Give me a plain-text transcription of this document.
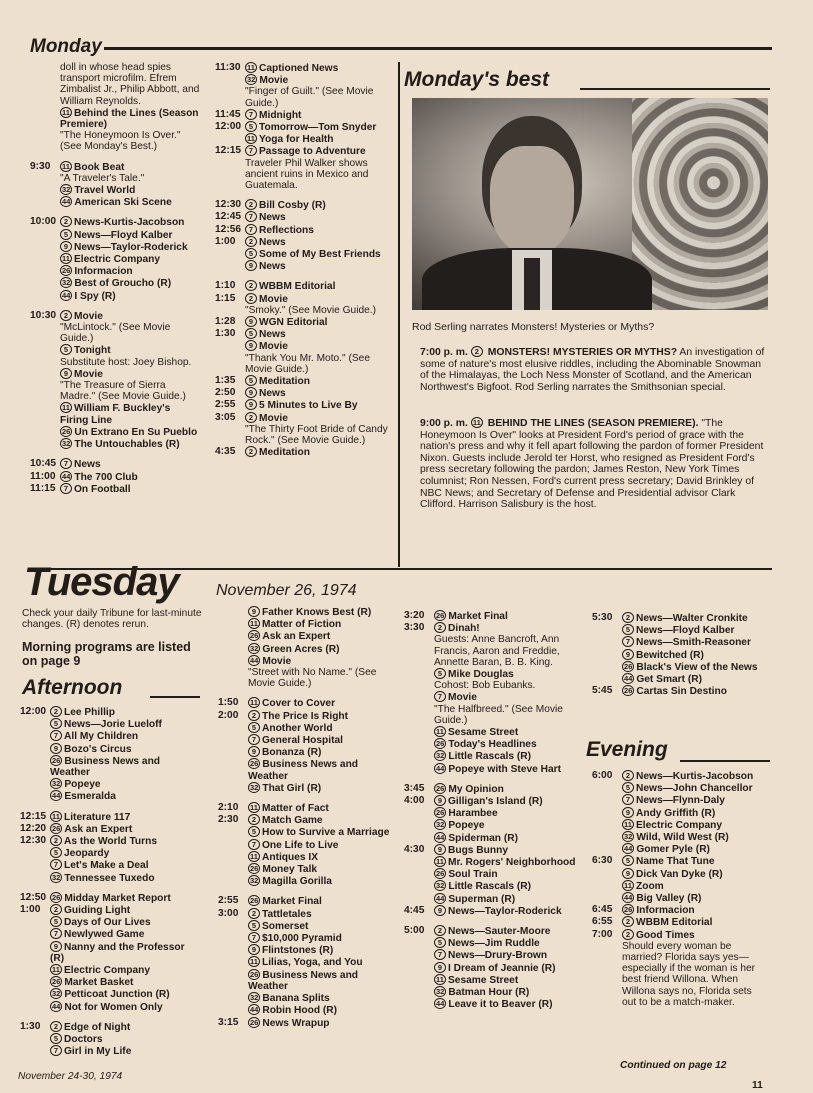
Monday
doll in whose head spies transport microfilm. Efrem Zimbalist Jr., Philip Abbott, and William Reynolds.
11 Behind the Lines (Season Premiere)
"The Honeymoon Is Over." (See Monday's Best.)
9:30	11 Book Beat
"A Traveler's Tale."
32 Travel World
44 American Ski Scene
10:00	2 News-Kurtis-Jacobson
5 News—Floyd Kalber
9 News—Taylor-Roderick
11 Electric Company
26 Informacion
32 Best of Groucho (R)
44 I Spy (R)
10:30	2 Movie
"McLintock." (See Movie Guide.)
5 Tonight
Substitute host: Joey Bishop.
9 Movie
"The Treasure of Sierra Madre." (See Movie Guide.)
11 William F. Buckley's Firing Line
26 Un Extrano En Su Pueblo
32 The Untouchables (R)
10:45	7 News
11:00 44 The 700 Club
11:15	7 On Football
11:30 11 Captioned News
32 Movie
"Finger of Guilt." (See Movie Guide.)
11:45	7 Midnight
12:00	5 Tomorrow—Tom Snyder
11 Yoga for Health
12:15	7 Passage to Adventure
Traveler Phil Walker shows ancient ruins in Mexico and Guatemala.
12:30	2 Bill Cosby (R)
12:45	7 News
12:56	7 Reflections
1:00	2 News
5 Some of My Best Friends
9 News
1:10	2 WBBM Editorial
1:15	2 Movie
"Smoky." (See Movie Guide.)
1:28	9 WGN Editorial
1:30	5 News
9 Movie
"Thank You Mr. Moto." (See Movie Guide.)
1:35	5 Meditation
2:50	9 News
2:55	9 5 Minutes to Live By
3:05	2 Movie
"The Thirty Foot Bride of Candy Rock." (See Movie Guide.)
4:35	2 Meditation
Monday's best
Rod Serling narrates Monsters! Mysteries or Myths?
7:00 p. m. 2 MONSTERS! MYSTERIES OR MYTHS? An investigation of some of nature's most elusive riddles, including the Abominable Snowman of the Himalayas, the Loch Ness Monster of Scotland, and the American Northwest's Bigfoot. Rod Serling narrates the Smithsonian special.
9:00 p. m. 11 BEHIND THE LINES (SEASON PREMIERE). "The Honeymoon Is Over" looks at President Ford's period of grace with the nation's press and why it fell apart following the pardon of former President Nixon. Guests include Jerold ter Horst, who resigned as President Ford's press secretary following the pardon; James Reston, New York Times columnist; Ron Nessen, Ford's current press secretary; David Brinkley of NBC News; and Secretary of Defense and Presidential advisor Clark Clifford. Harrison Salisbury is the host.
Tuesday November 26, 1974
Check your daily Tribune for last-minute changes. (R) denotes rerun.
Morning programs are listed on page 9
Afternoon
12:00	2 Lee Phillip
5 News—Jorie Lueloff
7 All My Children
9 Bozo's Circus
26 Business News and Weather
32 Popeye
44 Esmeralda
12:15 11 Literature 117
12:20 26 Ask an Expert
12:30	2 As the World Turns
5 Jeopardy
7 Let's Make a Deal
32 Tennessee Tuxedo
12:50 26 Midday Market Report
1:00	2 Guiding Light
5 Days of Our Lives
7 Newlywed Game
9 Nanny and the Professor (R)
11 Electric Company
26 Market Basket
32 Petticoat Junction (R)
44 Not for Women Only
1:30	2 Edge of Night
5 Doctors
7 Girl in My Life
9 Father Knows Best (R)
11 Matter of Fiction
26 Ask an Expert
32 Green Acres (R)
44 Movie
"Street with No Name." (See Movie Guide.)
1:50	11 Cover to Cover
2:00	2 The Price Is Right
5 Another World
7 General Hospital
9 Bonanza (R)
26 Business News and Weather
32 That Girl (R)
2:10	11 Matter of Fact
2:30	2 Match Game
5 How to Survive a Marriage
7 One Life to Live
11 Antiques IX
26 Money Talk
32 Magilla Gorilla
2:55	26 Market Final
3:00	2 Tattletales
5 Somerset
7 $10,000 Pyramid
9 Flintstones (R)
11 Lilias, Yoga, and You
26 Business News and Weather
32 Banana Splits
44 Robin Hood (R)
3:15	26 News Wrapup
3:20	26 Market Final
3:30	2 Dinah!
Guests: Anne Bancroft, Ann Francis, Aaron and Freddie, Annette Baran, B. B. King.
5 Mike Douglas
Cohost: Bob Eubanks.
7 Movie
"The Halfbreed." (See Movie Guide.)
11 Sesame Street
26 Today's Headlines
32 Little Rascals (R)
44 Popeye with Steve Hart
3:45	26 My Opinion
4:00	9 Gilligan's Island (R)
26 Harambee
32 Popeye
44 Spiderman (R)
4:30	9 Bugs Bunny
11 Mr. Rogers' Neighborhood
26 Soul Train
32 Little Rascals (R)
44 Superman (R)
4:45	9 News—Taylor-Roderick
5:00	2 News—Sauter-Moore
5 News—Jim Ruddle
7 News—Drury-Brown
9 I Dream of Jeannie (R)
11 Sesame Street
32 Batman Hour (R)
44 Leave it to Beaver (R)
5:30	2 News—Walter Cronkite
5 News—Floyd Kalber
7 News—Smith-Reasoner
9 Bewitched (R)
26 Black's View of the News
44 Get Smart (R)
5:45	26 Cartas Sin Destino
Evening
6:00	2 News—Kurtis-Jacobson
5 News—John Chancellor
7 News—Flynn-Daly
9 Andy Griffith (R)
11 Electric Company
32 Wild, Wild West (R)
44 Gomer Pyle (R)
6:30	5 Name That Tune
9 Dick Van Dyke (R)
11 Zoom
44 Big Valley (R)
6:45	26 Informacion
6:55	2 WBBM Editorial
7:00	2 Good Times
Should every woman be married? Florida says yes—especially if the woman is her best friend Willona. When Willona says no, Florida sets out to be a match-maker.
Continued on page 12
November 24-30, 1974
11
